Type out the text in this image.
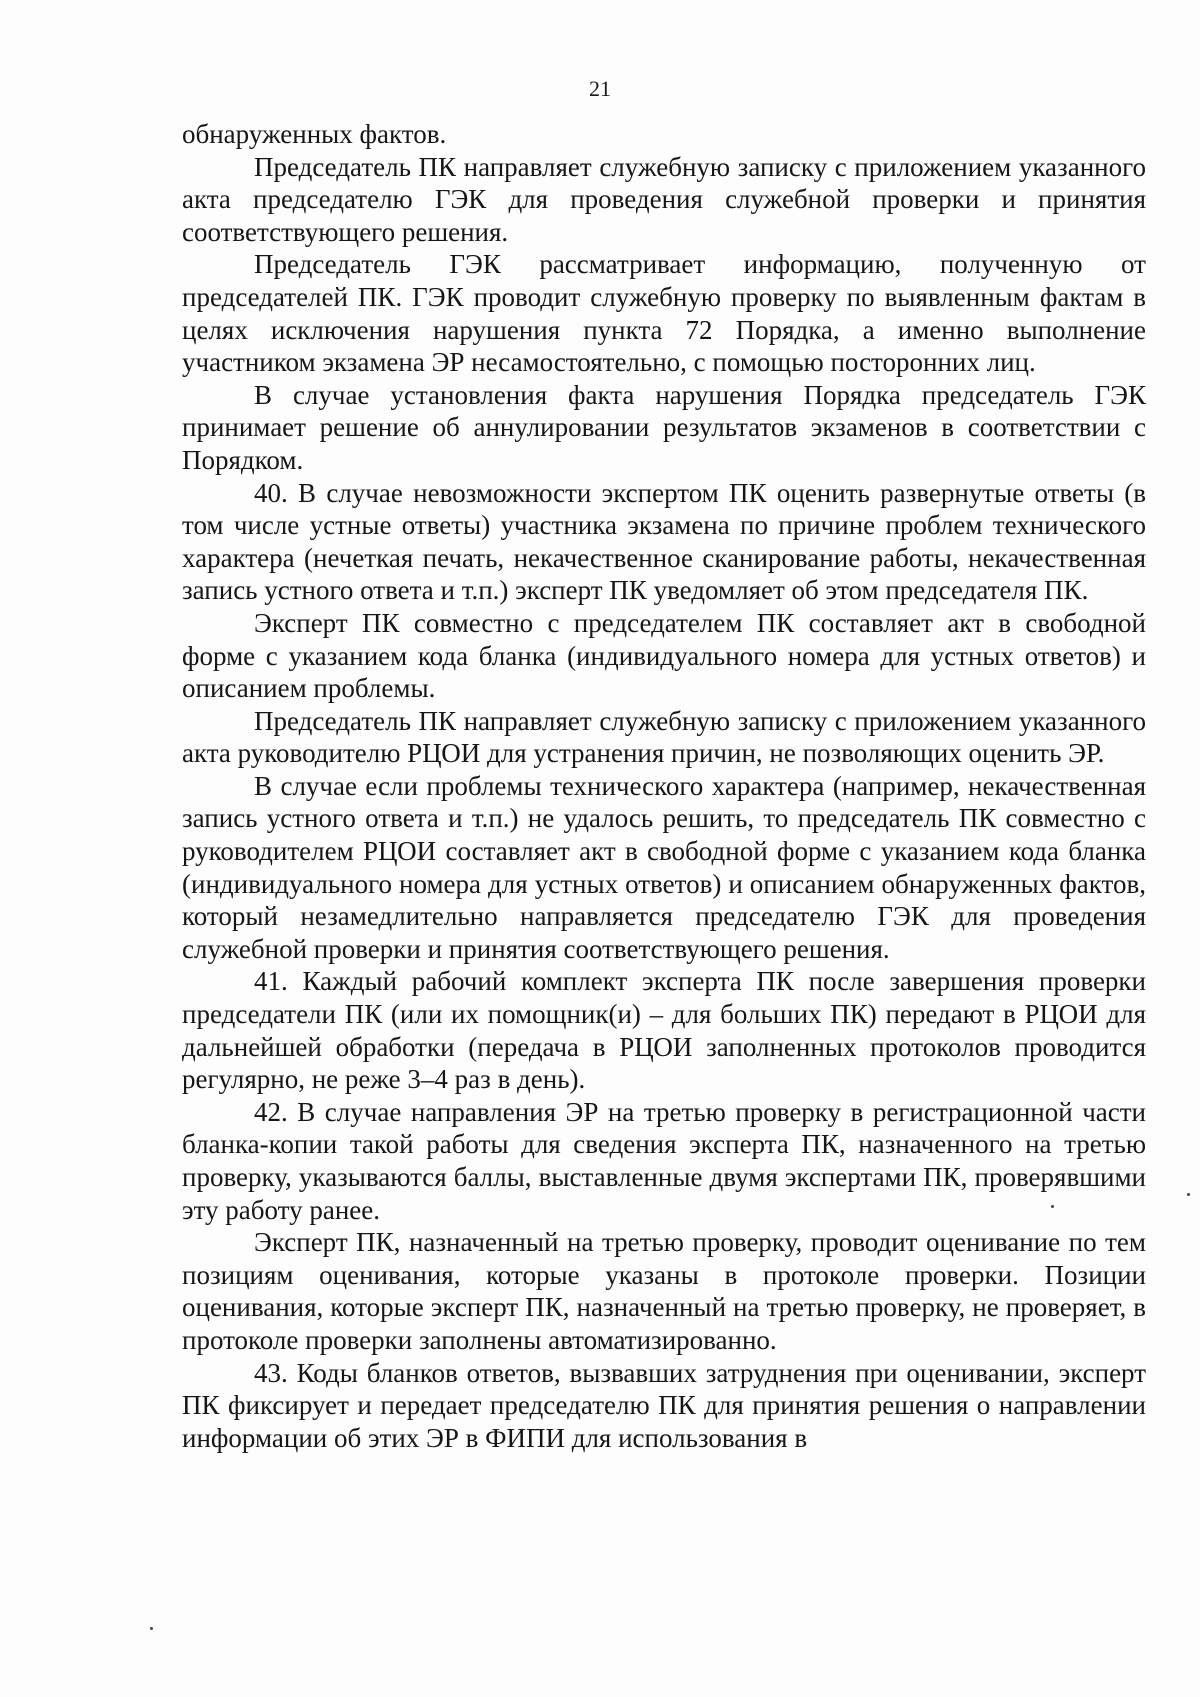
21

обнаруженных фактов.

Председатель ПК направляет служебную записку с приложением указанного акта председателю ГЭК для проведения служебной проверки и принятия соответствующего решения.

Председатель ГЭК рассматривает информацию, полученную от председателей ПК. ГЭК проводит служебную проверку по выявленным фактам в целях исключения нарушения пункта 72 Порядка, а именно выполнение участником экзамена ЭР несамостоятельно, с помощью посторонних лиц.

В случае установления факта нарушения Порядка председатель ГЭК принимает решение об аннулировании результатов экзаменов в соответствии с Порядком.

40. В случае невозможности экспертом ПК оценить развернутые ответы (в том числе устные ответы) участника экзамена по причине проблем технического характера (нечеткая печать, некачественное сканирование работы, некачественная запись устного ответа и т.п.) эксперт ПК уведомляет об этом председателя ПК.

Эксперт ПК совместно с председателем ПК составляет акт в свободной форме с указанием кода бланка (индивидуального номера для устных ответов) и описанием проблемы.

Председатель ПК направляет служебную записку с приложением указанного акта руководителю РЦОИ для устранения причин, не позволяющих оценить ЭР.

В случае если проблемы технического характера (например, некачественная запись устного ответа и т.п.) не удалось решить, то председатель ПК совместно с руководителем РЦОИ составляет акт в свободной форме с указанием кода бланка (индивидуального номера для устных ответов) и описанием обнаруженных фактов, который незамедлительно направляется председателю ГЭК для проведения служебной проверки и принятия соответствующего решения.

41. Каждый рабочий комплект эксперта ПК после завершения проверки председатели ПК (или их помощник(и) – для больших ПК) передают в РЦОИ для дальнейшей обработки (передача в РЦОИ заполненных протоколов проводится регулярно, не реже 3–4 раз в день).

42. В случае направления ЭР на третью проверку в регистрационной части бланка-копии такой работы для сведения эксперта ПК, назначенного на третью проверку, указываются баллы, выставленные двумя экспертами ПК, проверявшими эту работу ранее.

Эксперт ПК, назначенный на третью проверку, проводит оценивание по тем позициям оценивания, которые указаны в протоколе проверки. Позиции оценивания, которые эксперт ПК, назначенный на третью проверку, не проверяет, в протоколе проверки заполнены автоматизированно.

43. Коды бланков ответов, вызвавших затруднения при оценивании, эксперт ПК фиксирует и передает председателю ПК для принятия решения о направлении информации об этих ЭР в ФИПИ для использования в
